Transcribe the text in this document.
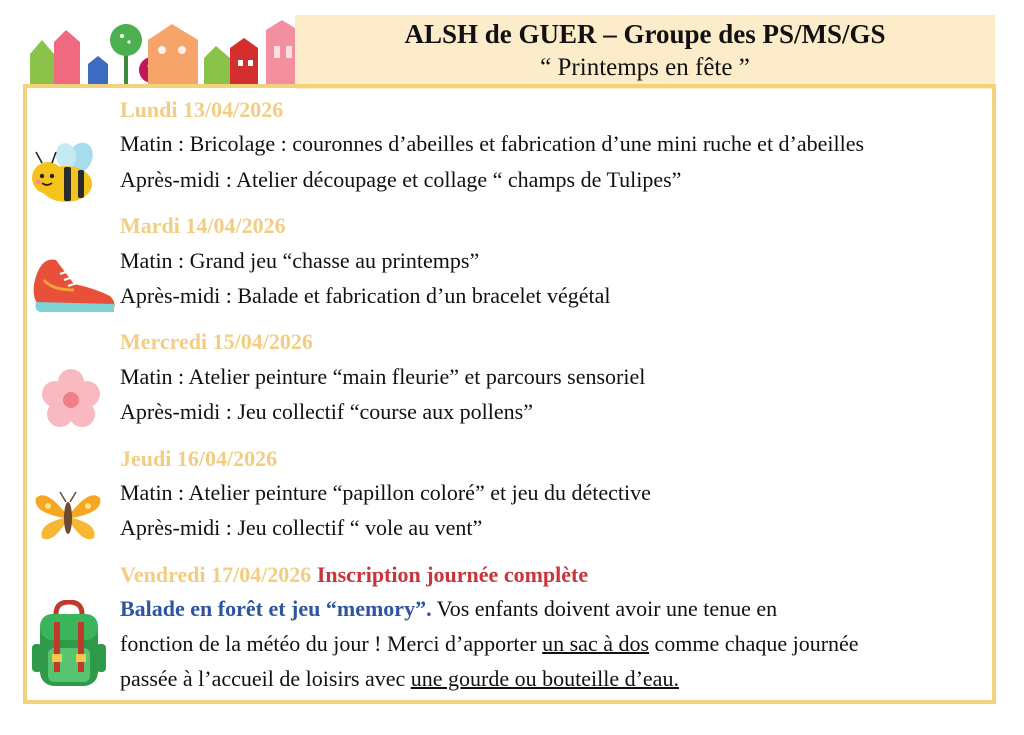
ALSH de GUER – Groupe des PS/MS/GS
“ Printemps en fête ”
Lundi 13/04/2026
Matin : Bricolage : couronnes d’abeilles et fabrication d’une mini ruche et d’abeilles
Après-midi : Atelier découpage et collage “ champs de Tulipes”
Mardi 14/04/2026
Matin : Grand jeu “chasse au printemps”
Après-midi : Balade et fabrication d’un bracelet végétal
Mercredi 15/04/2026
Matin : Atelier peinture “main fleurie” et parcours sensoriel
Après-midi : Jeu collectif “course aux pollens”
Jeudi 16/04/2026
Matin : Atelier peinture “papillon coloré” et jeu du détective
Après-midi : Jeu collectif “ vole au vent”
Vendredi 17/04/2026 Inscription journée complète
Balade en forêt et jeu “memory”. Vos enfants doivent avoir une tenue en
fonction de la météo du jour ! Merci d’apporter un sac à dos comme chaque journée
passée à l’accueil de loisirs avec une gourde ou bouteille d’eau.
